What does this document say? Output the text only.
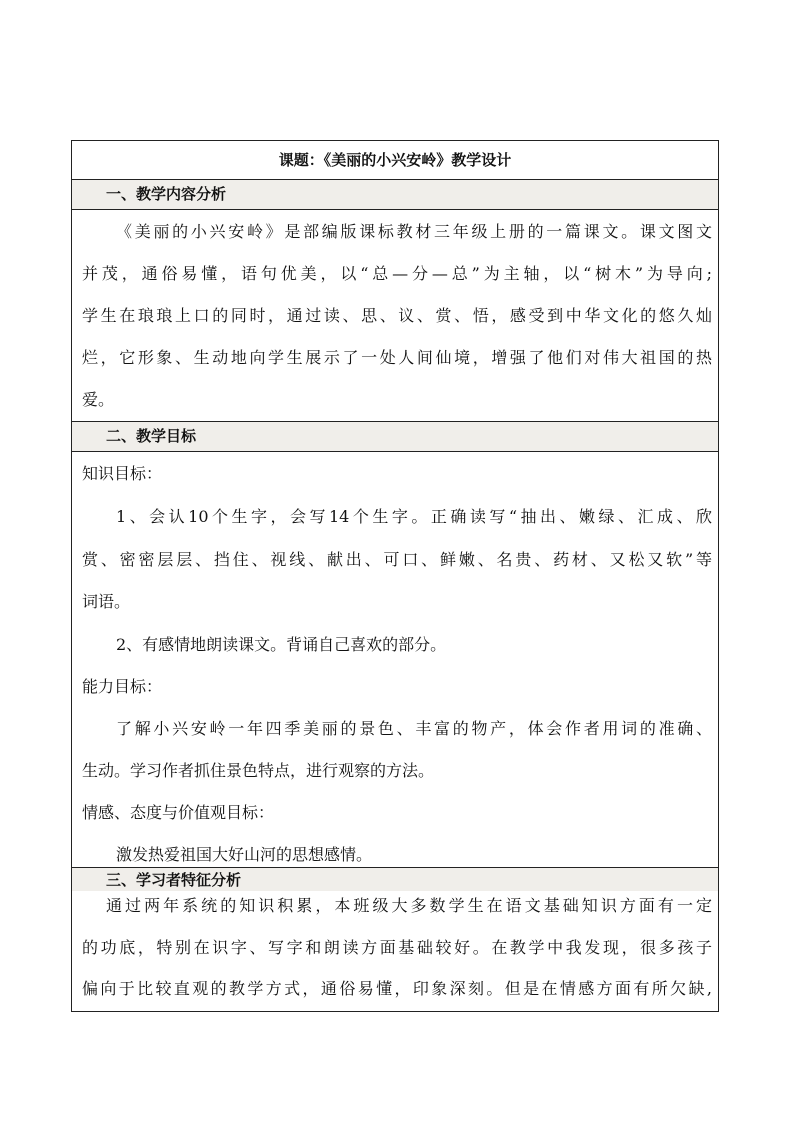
课题：《美丽的小兴安岭》教学设计
一、教学内容分析
《美丽的小兴安岭》是部编版课标教材三年级上册的一篇课文。课文图文
并茂，通俗易懂，语句优美，以“总—分—总”为主轴，以“树木”为导向;
学生在琅琅上口的同时，通过读、思、议、赏、悟，感受到中华文化的悠久灿
烂，它形象、生动地向学生展示了一处人间仙境，增强了他们对伟大祖国的热
爱。
二、教学目标
知识目标：
1、会认10个生字，会写14个生字。正确读写“抽出、嫩绿、汇成、欣
赏、密密层层、挡住、视线、献出、可口、鲜嫩、名贵、药材、又松又软”等
词语。
2、有感情地朗读课文。背诵自己喜欢的部分。
能力目标：
了解小兴安岭一年四季美丽的景色、丰富的物产，体会作者用词的准确、
生动。学习作者抓住景色特点，进行观察的方法。
情感、态度与价值观目标：
激发热爱祖国大好山河的思想感情。
三、学习者特征分析
通过两年系统的知识积累，本班级大多数学生在语文基础知识方面有一定
的功底，特别在识字、写字和朗读方面基础较好。在教学中我发现，很多孩子
偏向于比较直观的教学方式，通俗易懂，印象深刻。但是在情感方面有所欠缺,
